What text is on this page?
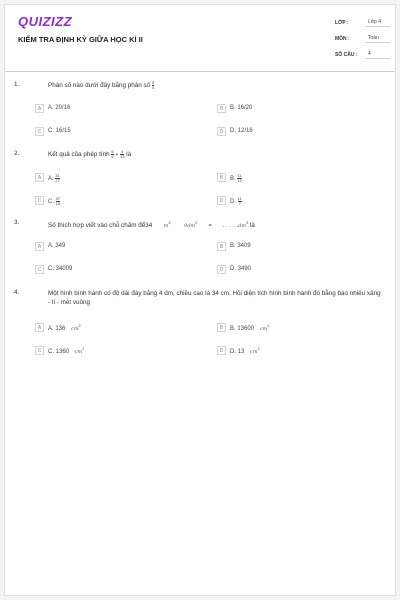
QUIZIZZ
KIỂM TRA ĐỊNH KỲ GIỮA HỌC KÌ II
LỚP :	Lớp 4
MÔN :	Toán
SỐ CÂU :	4
1.	Phân số nào dưới đây bằng phân số $\frac{5}{4}$
A	A. 20/16	B	B. 16/20
C	C. 16/15	D	D. 12/16
2.	Kết quả của phép tính $\frac{5}{9} + \frac{4}{13}$ là
A	A. $\frac{31}{27}$	B	B. $\frac{11}{12}$
C	C. $\frac{37}{15}$	D	D. $\frac{11}{7}$
3.	Số thích hợp viết vào chỗ chấm để34 $m^2$  $9dm^2$  = . . . . . $.dm^2$ là
A	A. 349	B	B. 3409
C	C. 34009	D	D. 3490
4.	Một hình bình hành có độ dài đáy bằng 4 dm, chiều cao là 34 cm. Hỏi diện tích hình bình hành đó bằng bao nhiêu xăng - ti - mét vuông
A	A. 136 $cm^2$	B	B. 13600 $cm^2$
C	C. 1360 $cm^2$	D	D. 13 $cm^2$
